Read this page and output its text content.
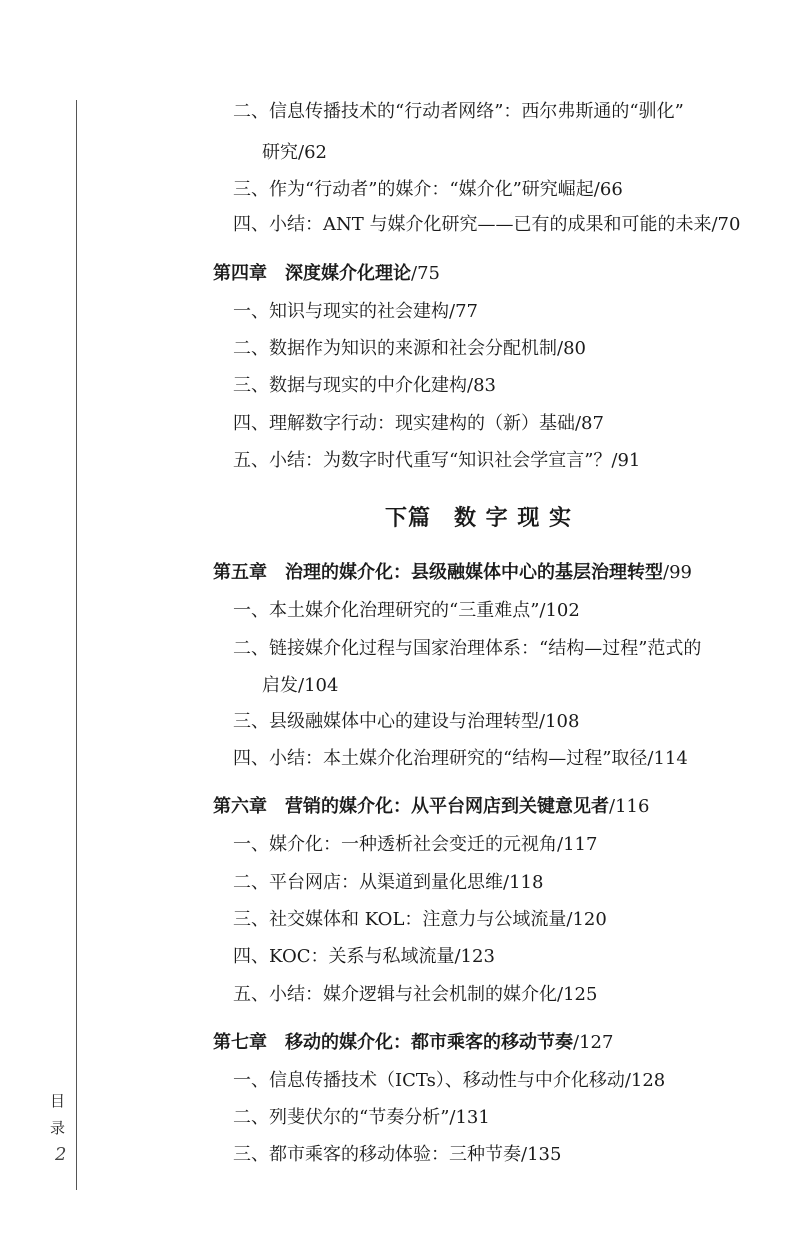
目
录
2
二、信息传播技术的“行动者网络”：西尔弗斯通的“驯化”
研究/62
三、作为“行动者”的媒介：“媒介化”研究崛起/66
四、小结：ANT 与媒介化研究——已有的成果和可能的未来/70
第四章　深度媒介化理论/75
一、知识与现实的社会建构/77
二、数据作为知识的来源和社会分配机制/80
三、数据与现实的中介化建构/83
四、理解数字行动：现实建构的（新）基础/87
五、小结：为数字时代重写“知识社会学宣言”？/91
下篇　数 字 现 实
第五章　治理的媒介化：县级融媒体中心的基层治理转型/99
一、本土媒介化治理研究的“三重难点”/102
二、链接媒介化过程与国家治理体系：“结构—过程”范式的
启发/104
三、县级融媒体中心的建设与治理转型/108
四、小结：本土媒介化治理研究的“结构—过程”取径/114
第六章　营销的媒介化：从平台网店到关键意见者/116
一、媒介化：一种透析社会变迁的元视角/117
二、平台网店：从渠道到量化思维/118
三、社交媒体和 KOL：注意力与公域流量/120
四、KOC：关系与私域流量/123
五、小结：媒介逻辑与社会机制的媒介化/125
第七章　移动的媒介化：都市乘客的移动节奏/127
一、信息传播技术（ICTs）、移动性与中介化移动/128
二、列斐伏尔的“节奏分析”/131
三、都市乘客的移动体验：三种节奏/135
